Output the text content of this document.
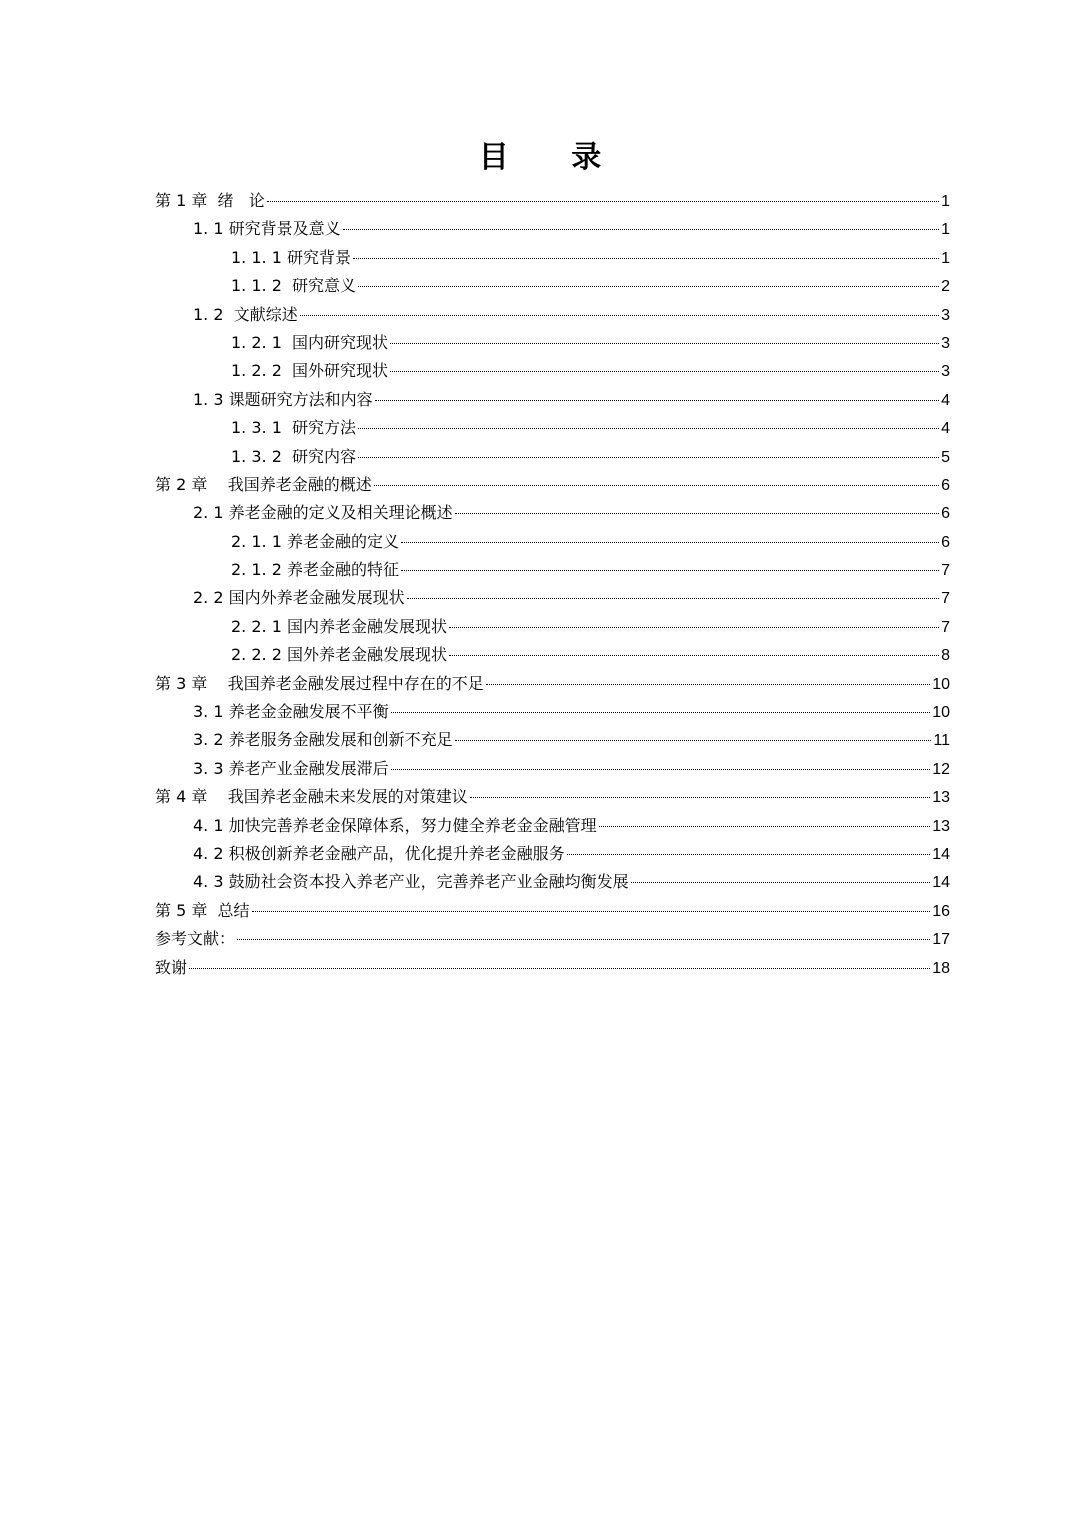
目 录
第 1 章  绪   论	1
1. 1 研究背景及意义	1
1. 1. 1 研究背景	1
1. 1. 2  研究意义	2
1. 2  文献综述	3
1. 2. 1  国内研究现状	3
1. 2. 2  国外研究现状	3
1. 3 课题研究方法和内容	4
1. 3. 1  研究方法	4
1. 3. 2  研究内容	5
第 2 章    我国养老金融的概述	6
2. 1 养老金融的定义及相关理论概述	6
2. 1. 1 养老金融的定义	6
2. 1. 2 养老金融的特征	7
2. 2 国内外养老金融发展现状	7
2. 2. 1 国内养老金融发展现状	7
2. 2. 2 国外养老金融发展现状	8
第 3 章    我国养老金融发展过程中存在的不足	10
3. 1 养老金金融发展不平衡	10
3. 2 养老服务金融发展和创新不充足	11
3. 3 养老产业金融发展滞后	12
第 4 章    我国养老金融未来发展的对策建议	13
4. 1 加快完善养老金保障体系，努力健全养老金金融管理	13
4. 2 积极创新养老金融产品，优化提升养老金融服务	14
4. 3 鼓励社会资本投入养老产业，完善养老产业金融均衡发展	14
第 5 章  总结	16
参考文献：	17
致谢	18
